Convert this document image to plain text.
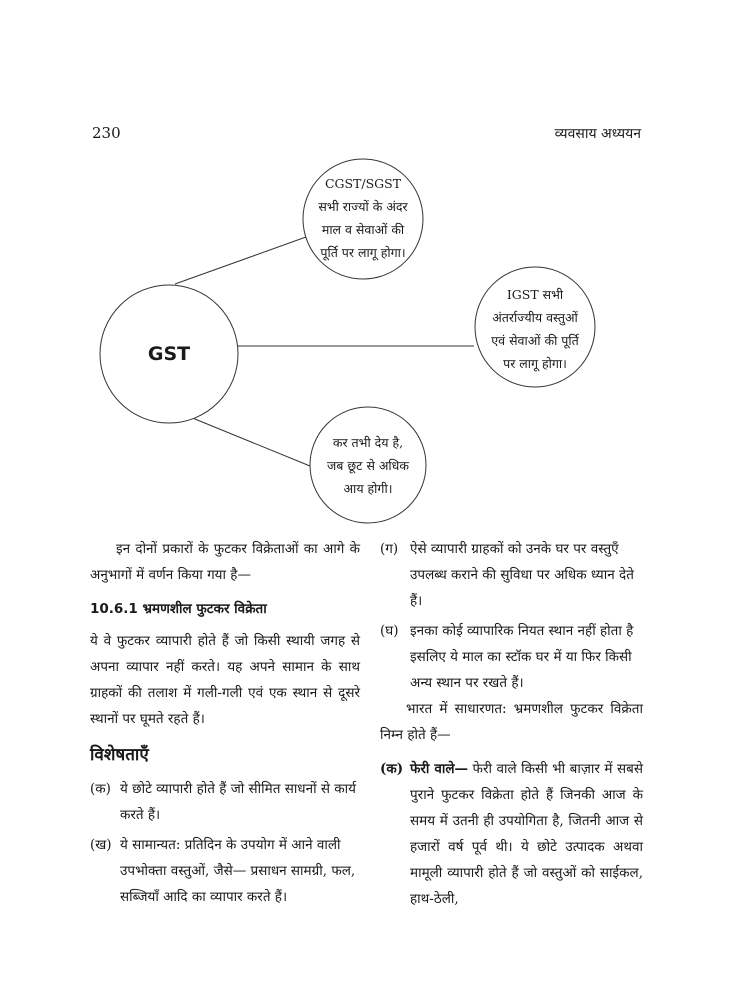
230	व्यवसाय अध्ययन
GST
CGST/SGST
सभी राज्यों के अंदर
माल व सेवाओं की
पूर्ति पर लागू होगा।
IGST सभी
अंतर्राज्यीय वस्तुओं
एवं सेवाओं की पूर्ति
पर लागू होगा।
कर तभी देय है,
जब छूट से अधिक
आय होगी।

इन दोनों प्रकारों के फुटकर विक्रेताओं का आगे के अनुभागों में वर्णन किया गया है—

10.6.1 भ्रमणशील फुटकर विक्रेता

ये वे फुटकर व्यापारी होते हैं जो किसी स्थायी जगह से अपना व्यापार नहीं करते। यह अपने सामान के साथ ग्राहकों की तलाश में गली-गली एवं एक स्थान से दूसरे स्थानों पर घूमते रहते हैं।

विशेषताएँ

(क) ये छोटे व्यापारी होते हैं जो सीमित साधनों से कार्य करते हैं।
(ख) ये सामान्यत: प्रतिदिन के उपयोग में आने वाली उपभोक्ता वस्तुओं, जैसे— प्रसाधन सामग्री, फल, सब्जियाँ आदि का व्यापार करते हैं।
(ग) ऐसे व्यापारी ग्राहकों को उनके घर पर वस्तुएँ उपलब्ध कराने की सुविधा पर अधिक ध्यान देते हैं।
(घ) इनका कोई व्यापारिक नियत स्थान नहीं होता है इसलिए ये माल का स्टॉक घर में या फिर किसी अन्य स्थान पर रखते हैं।

भारत में साधारणत: भ्रमणशील फुटकर विक्रेता निम्न होते हैं—

(क) फेरी वाले— फेरी वाले किसी भी बाज़ार में सबसे पुराने फुटकर विक्रेता होते हैं जिनकी आज के समय में उतनी ही उपयोगिता है, जितनी आज से हजारों वर्ष पूर्व थी। ये छोटे उत्पादक अथवा मामूली व्यापारी होते हैं जो वस्तुओं को साईकल, हाथ-ठेली,
